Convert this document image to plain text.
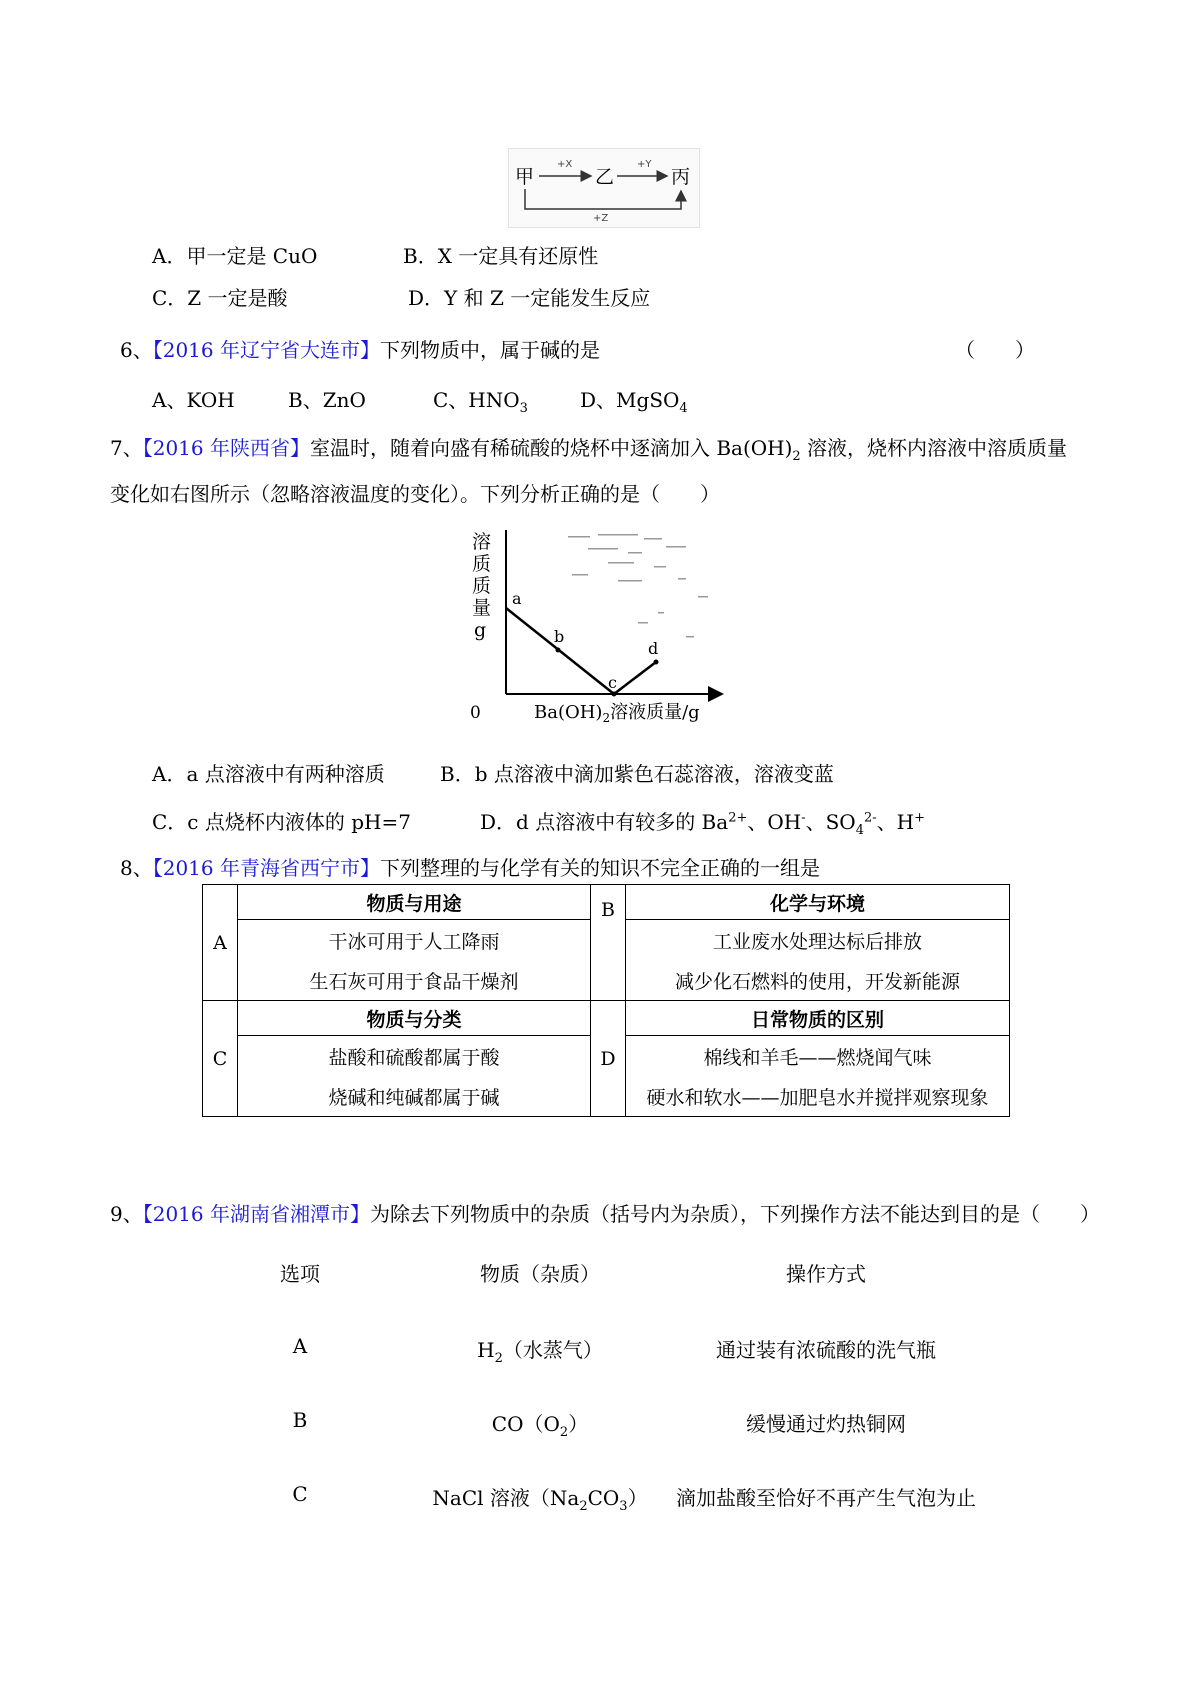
甲	乙	丙
+X	+Y
+Z
A．甲一定是 CuO	B．X 一定具有还原性
C．Z 一定是酸	D．Y 和 Z 一定能发生反应
6、【2016 年辽宁省大连市】下列物质中，属于碱的是	（　　）
A、KOH	B、ZnO	C、$HNO_3$	D、MgSO$_4$
7、【2016 年陕西省】室温时，随着向盛有稀硫酸的烧杯中逐滴加入 $Ba(OH)_2$ 溶液，烧杯内溶液中溶质质量
变化如右图所示（忽略溶液温度的变化）。下列分析正确的是（　　）
溶
质
质
量
g
0	$Ba(OH)_2$溶液质量/g
a
b
c
d
A．a 点溶液中有两种溶质	B．b 点溶液中滴加紫色石蕊溶液，溶液变蓝
C．c 点烧杯内液体的 pH=7	D．d 点溶液中有较多的 $Ba^{2+}$、OH-、$SO_4^{2-}$、H+
8、【2016 年青海省西宁市】下列整理的与化学有关的知识不完全正确的一组是
A	物质与用途	B	化学与环境
	干冰可用于人工降雨		工业废水处理达标后排放
	生石灰可用于食品干燥剂		减少化石燃料的使用，开发新能源
C	物质与分类	D	日常物质的区别
	盐酸和硫酸都属于酸		棉线和羊毛——燃烧闻气味
	烧碱和纯碱都属于碱		硬水和软水——加肥皂水并搅拌观察现象
9、【2016 年湖南省湘潭市】为除去下列物质中的杂质（括号内为杂质），下列操作方法不能达到目的是（　　）
选项	物质（杂质）	操作方式
A	$H_2$（水蒸气）	通过装有浓硫酸的洗气瓶
B	$CO(O_2)$	缓慢通过灼热铜网
C	NaCl 溶液$(Na_2CO_3)$	滴加盐酸至恰好不再产生气泡为止
